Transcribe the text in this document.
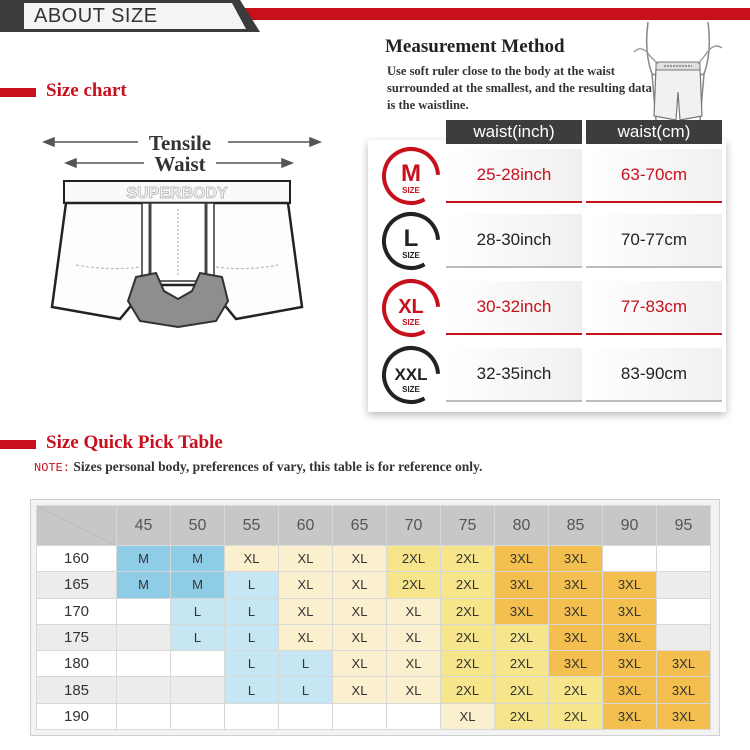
ABOUT SIZE
Size chart
Tensile
Waist
SUPERBODY
Measurement Method
Use soft ruler close to the body at the waist surrounded at the smallest, and the resulting data is the waistline.
waist(inch)	waist(cm)
M
SIZE
25-28inch	63-70cm
L
SIZE
28-30inch	70-77cm
XL
SIZE
30-32inch	77-83cm
XXL
SIZE
32-35inch	83-90cm
Size Quick Pick Table
NOTE: Sizes personal body, preferences of vary, this table is for reference only.
	45	50	55	60	65	70	75	80	85	90	95
160	M	M	XL	XL	XL	2XL	2XL	3XL	3XL		
165	M	M	L	XL	XL	2XL	2XL	3XL	3XL	3XL	
170		L	L	XL	XL	XL	2XL	3XL	3XL	3XL	
175		L	L	XL	XL	XL	2XL	2XL	3XL	3XL	
180			L	L	XL	XL	2XL	2XL	3XL	3XL	3XL
185			L	L	XL	XL	2XL	2XL	2XL	3XL	3XL
190							XL	2XL	2XL	3XL	3XL
